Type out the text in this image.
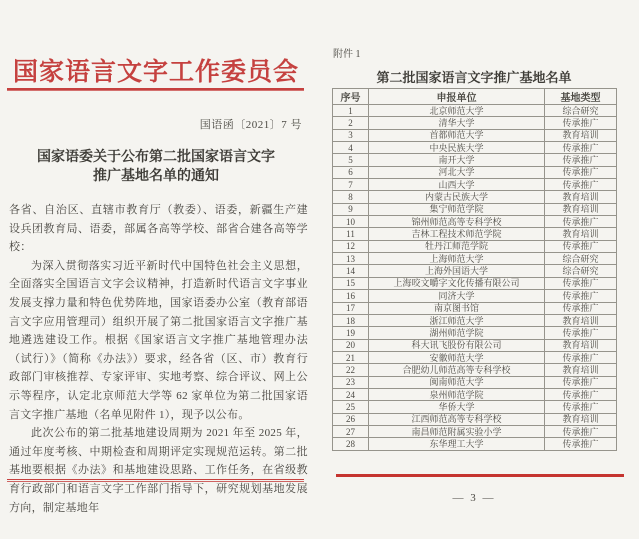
国家语言文字工作委员会
国语函〔2021〕7 号
国家语委关于公布第二批国家语言文字
推广基地名单的通知

各省、自治区、直辖市教育厅（教委）、语委，新疆生产建设兵团教育局、语委，部属各高等学校、部省合建各高等学校：

为深入贯彻落实习近平新时代中国特色社会主义思想，全面落实全国语言文字会议精神，打造新时代语言文字事业发展支撑力量和特色优势阵地，国家语委办公室（教育部语言文字应用管理司）组织开展了第二批国家语言文字推广基地遴选建设工作。根据《国家语言文字推广基地管理办法（试行）》（简称《办法》）要求，经各省（区、市）教育行政部门审核推荐、专家评审、实地考察、综合评议、网上公示等程序，认定北京师范大学等 62 家单位为第二批国家语言文字推广基地（名单见附件 1），现予以公布。

此次公布的第二批基地建设周期为 2021 年至 2025 年，通过年度考核、中期检查和周期评定实现规范运转。第二批基地要根据《办法》和基地建设思路、工作任务，在省级教育行政部门和语言文字工作部门指导下，研究规划基地发展方向，制定基地年

附件 1
第二批国家语言文字推广基地名单
序号	申报单位	基地类型
1	北京师范大学	综合研究
2	清华大学	传承推广
3	首都师范大学	教育培训
4	中央民族大学	传承推广
5	南开大学	传承推广
6	河北大学	传承推广
7	山西大学	传承推广
8	内蒙古民族大学	教育培训
9	集宁师范学院	教育培训
10	锦州师范高等专科学校	传承推广
11	吉林工程技术师范学院	教育培训
12	牡丹江师范学院	传承推广
13	上海师范大学	综合研究
14	上海外国语大学	综合研究
15	上海咬文嚼字文化传播有限公司	传承推广
16	同济大学	传承推广
17	南京图书馆	传承推广
18	浙江师范大学	教育培训
19	湖州师范学院	传承推广
20	科大讯飞股份有限公司	教育培训
21	安徽师范大学	传承推广
22	合肥幼儿师范高等专科学校	教育培训
23	闽南师范大学	传承推广
24	泉州师范学院	传承推广
25	华侨大学	传承推广
26	江西师范高等专科学校	教育培训
27	南昌师范附属实验小学	传承推广
28	东华理工大学	传承推广
— 3 —
